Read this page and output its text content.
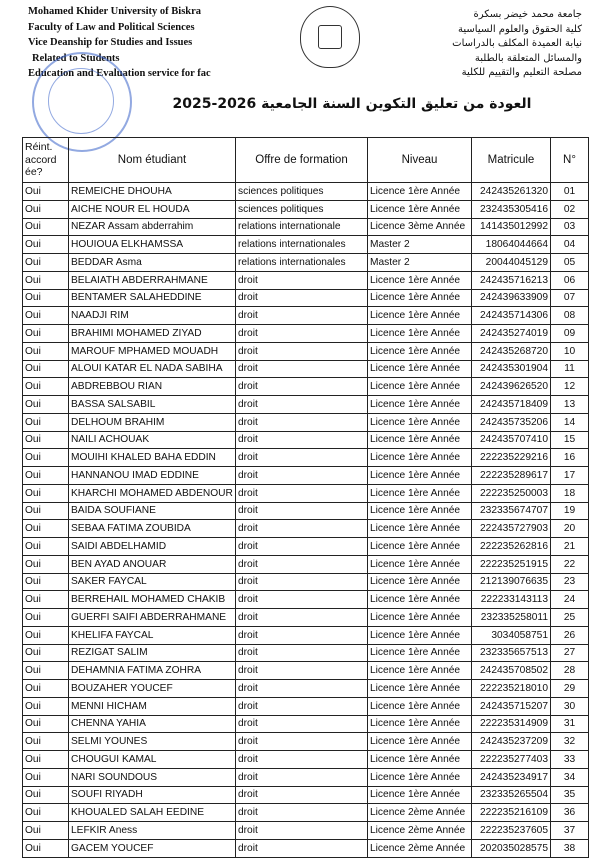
Mohamed Khider University of Biskra
Faculty of Law and Political Sciences
Vice Deanship for Studies and Issues
Related to Students
Education and Evaluation service for fac
جامعة محمد خيضر بسكرة
كلية الحقوق والعلوم السياسية
نيابة العميدة المكلف بالدراسات
والمسائل المتعلقة بالطلبة
مصلحة التعليم والتقييم للكلية
العودة من تعليق التكوين السنة الجامعية 2026-2025
Réint. accord ée?	Nom étudiant	Offre de formation	Niveau	Matricule	N°
Oui	REMEICHE DHOUHA	sciences politiques	Licence 1ère Année	242435261320	01
Oui	AICHE NOUR EL HOUDA	sciences politiques	Licence 1ère Année	232435305416	02
Oui	NEZAR Assam abderrahim	relations internationale	Licence 3ème Année	141435012992	03
Oui	HOUIOUA ELKHAMSSA	relations internationales	Master 2	18064044664	04
Oui	BEDDAR Asma	relations internationales	Master 2	20044045129	05
Oui	BELAIATH ABDERRAHMANE	droit	Licence 1ère Année	242435716213	06
Oui	BENTAMER SALAHEDDINE	droit	Licence 1ère Année	242439633909	07
Oui	NAADJI RIM	droit	Licence 1ère Année	242435714306	08
Oui	BRAHIMI MOHAMED ZIYAD	droit	Licence 1ère Année	242435274019	09
Oui	MAROUF MPHAMED MOUADH	droit	Licence 1ère Année	242435268720	10
Oui	ALOUI KATAR EL NADA SABIHA	droit	Licence 1ère Année	242435301904	11
Oui	ABDREBBOU RIAN	droit	Licence 1ère Année	242439626520	12
Oui	BASSA SALSABIL	droit	Licence 1ère Année	242435718409	13
Oui	DELHOUM BRAHIM	droit	Licence 1ère Année	242435735206	14
Oui	NAILI ACHOUAK	droit	Licence 1ère Année	242435707410	15
Oui	MOUIHI KHALED BAHA EDDIN	droit	Licence 1ère Année	222235229216	16
Oui	HANNANOU IMAD EDDINE	droit	Licence 1ère Année	222235289617	17
Oui	KHARCHI MOHAMED ABDENOUR	droit	Licence 1ère Année	222235250003	18
Oui	BAIDA SOUFIANE	droit	Licence 1ère Année	232335674707	19
Oui	SEBAA FATIMA ZOUBIDA	droit	Licence 1ère Année	222435727903	20
Oui	SAIDI ABDELHAMID	droit	Licence 1ère Année	222235262816	21
Oui	BEN AYAD ANOUAR	droit	Licence 1ère Année	222235251915	22
Oui	SAKER FAYCAL	droit	Licence 1ère Année	212139076635	23
Oui	BERREHAIL MOHAMED CHAKIB	droit	Licence 1ère Année	222233143113	24
Oui	GUERFI SAIFI ABDERRAHMANE	droit	Licence 1ère Année	232335258011	25
Oui	KHELIFA FAYCAL	droit	Licence 1ère Année	3034058751	26
Oui	REZIGAT SALIM	droit	Licence 1ère Année	232335657513	27
Oui	DEHAMNIA FATIMA ZOHRA	droit	Licence 1ère Année	242435708502	28
Oui	BOUZAHER YOUCEF	droit	Licence 1ère Année	222235218010	29
Oui	MENNI HICHAM	droit	Licence 1ère Année	242435715207	30
Oui	CHENNA YAHIA	droit	Licence 1ère Année	222235314909	31
Oui	SELMI YOUNES	droit	Licence 1ère Année	242435237209	32
Oui	CHOUGUI KAMAL	droit	Licence 1ère Année	222235277403	33
Oui	NARI SOUNDOUS	droit	Licence 1ère Année	242435234917	34
Oui	SOUFI RIYADH	droit	Licence 1ère Année	232335265504	35
Oui	KHOUALED SALAH EEDINE	droit	Licence 2ème Année	222235216109	36
Oui	LEFKIR Aness	droit	Licence 2ème Année	222235237605	37
Oui	GACEM YOUCEF	droit	Licence 2ème Année	202035028575	38
